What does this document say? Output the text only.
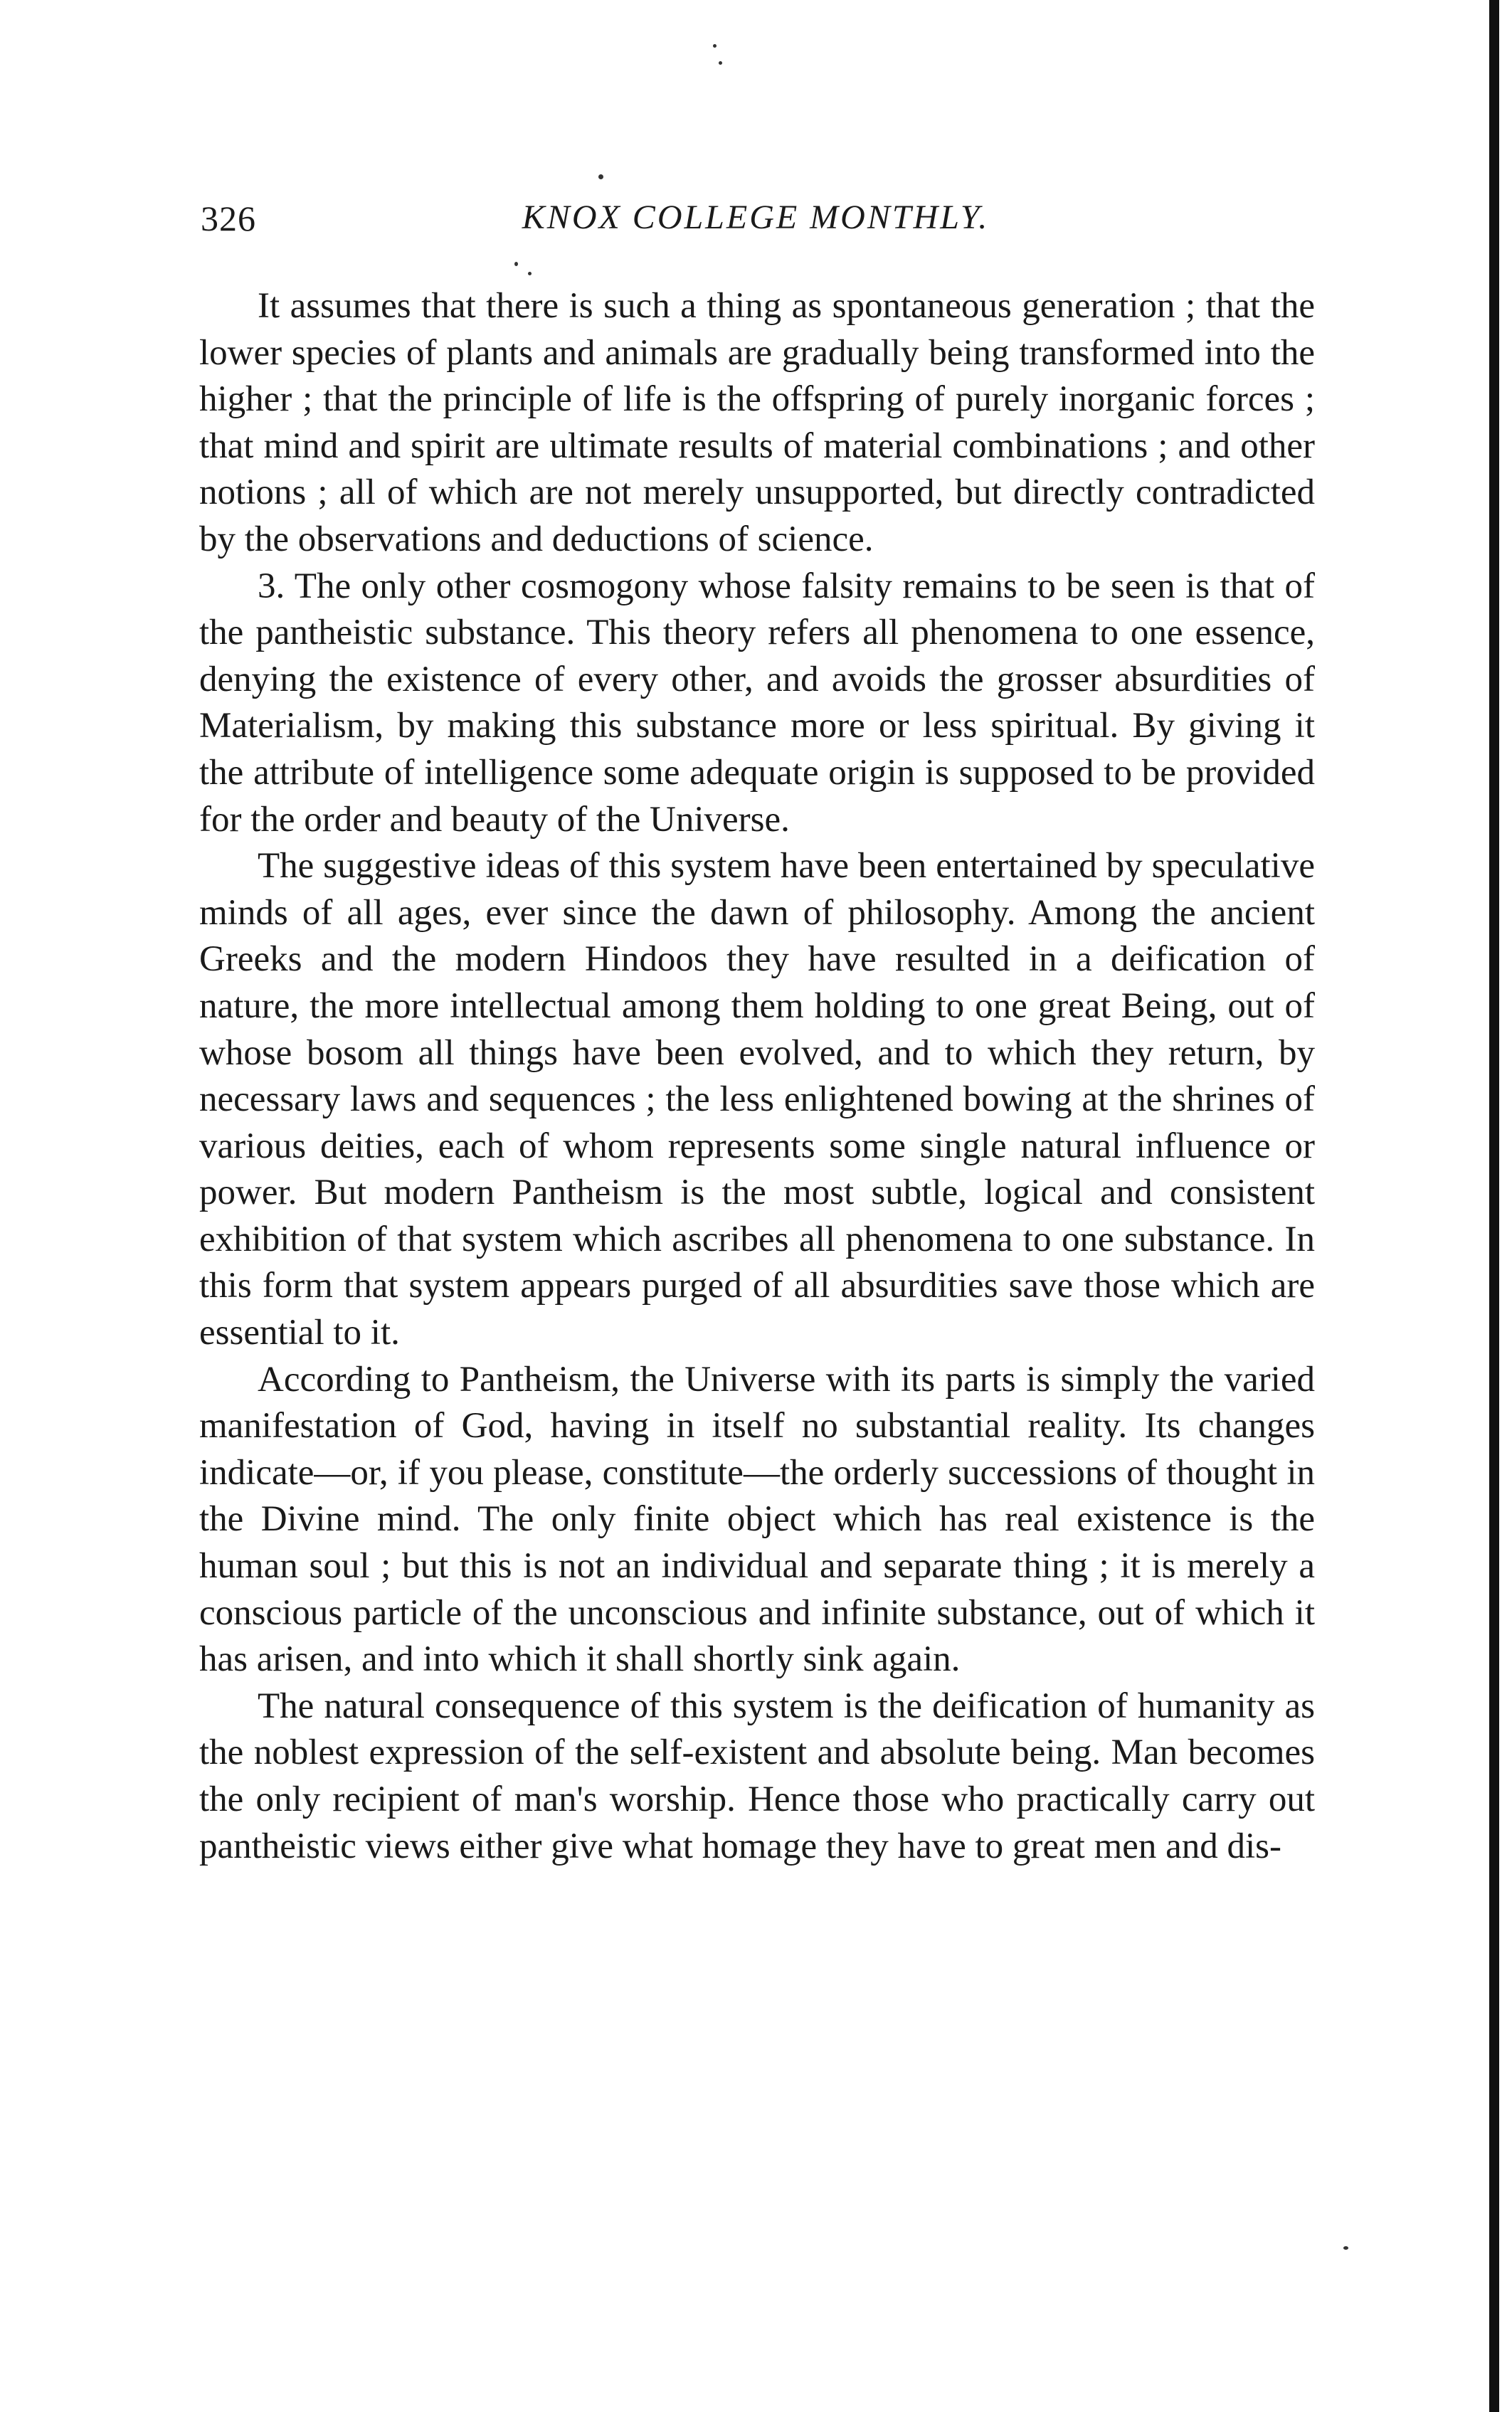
326	KNOX COLLEGE MONTHLY.

It assumes that there is such a thing as spontaneous generation ; that the lower species of plants and animals are gradually being transformed into the higher ; that the principle of life is the offspring of purely inorganic forces ; that mind and spirit are ultimate results of material combinations ; and other notions ; all of which are not merely unsupported, but directly contradicted by the observations and deductions of science.

3. The only other cosmogony whose falsity remains to be seen is that of the pantheistic substance. This theory refers all phenomena to one essence, denying the existence of every other, and avoids the grosser absurdities of Materialism, by making this substance more or less spiritual. By giving it the attribute of intelligence some adequate origin is supposed to be provided for the order and beauty of the Universe.

The suggestive ideas of this system have been entertained by speculative minds of all ages, ever since the dawn of philosophy. Among the ancient Greeks and the modern Hindoos they have resulted in a deification of nature, the more intellectual among them holding to one great Being, out of whose bosom all things have been evolved, and to which they return, by necessary laws and sequences ; the less enlightened bowing at the shrines of various deities, each of whom represents some single natural influence or power. But modern Pantheism is the most subtle, logical and consistent exhibition of that system which ascribes all phenomena to one substance. In this form that system appears purged of all absurdities save those which are essential to it.

According to Pantheism, the Universe with its parts is simply the varied manifestation of God, having in itself no substantial reality. Its changes indicate—or, if you please, constitute—the orderly successions of thought in the Divine mind. The only finite object which has real existence is the human soul ; but this is not an individual and separate thing ; it is merely a conscious particle of the unconscious and infinite substance, out of which it has arisen, and into which it shall shortly sink again.

The natural consequence of this system is the deification of humanity as the noblest expression of the self-existent and absolute being. Man becomes the only recipient of man's worship. Hence those who practically carry out pantheistic views either give what homage they have to great men and dis-
